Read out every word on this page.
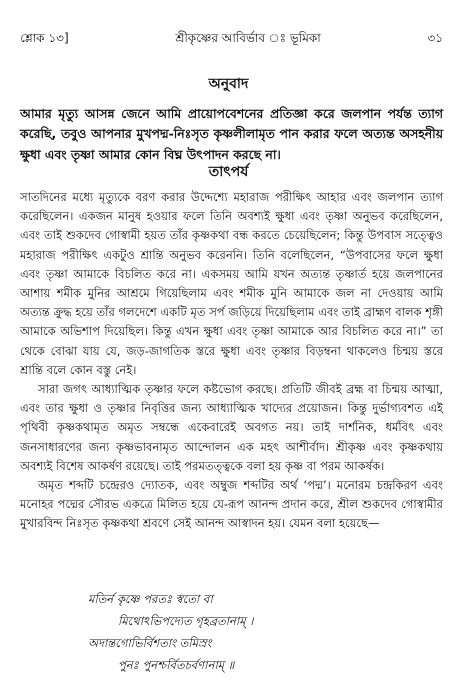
শ্লোক ১৩]	শ্রীকৃষ্ণের আবির্ভাব ঃ ভূমিকা	৩১
অনুবাদ
আমার মৃত্যু আসন্ন জেনে আমি প্রায়োপবেশনের প্রতিজ্ঞা করে জলপান পর্যন্ত ত্যাগ করেছি, তবুও আপনার মুখপদ্ম-নিঃসৃত কৃষ্ণলীলামৃত পান করার ফলে অত্যন্ত অসহনীয় ক্ষুধা এবং তৃষ্ণা আমার কোন বিঘ্ন উৎপাদন করছে না।
তাৎপর্য

সাতদিনের মধ্যে মৃত্যুকে বরণ করার উদ্দেশ্যে মহারাজ পরীক্ষিৎ আহার এবং জলপান ত্যাগ করেছিলেন। একজন মানুষ হওয়ার ফলে তিনি অবশ্যই ক্ষুধা এবং তৃষ্ণা অনুভব করেছিলেন, এবং তাই শুকদেব গোস্বামী হয়ত তাঁর কৃষ্ণকথা বন্ধ করতে চেয়েছিলেন; কিন্তু উপবাস সত্ত্বেও মহারাজ পরীক্ষিৎ একটুও শ্রান্তি অনুভব করেননি। তিনি বলেছিলেন, “উপবাসের ফলে ক্ষুধা এবং তৃষ্ণা আমাকে বিচলিত করে না। একসময় আমি যখন অত্যন্ত তৃষ্ণার্ত হয়ে জলপানের আশায় শমীক মুনির আশ্রমে গিয়েছিলাম এবং শমীক মুনি আমাকে জল না দেওয়ায় আমি অত্যন্ত ক্রুদ্ধ হয়ে তাঁর গলদেশে একটি মৃত সর্প জড়িয়ে দিয়েছিলাম এবং তাই ব্রাহ্মণ বালক শৃঙ্গী আমাকে অভিশাপ দিয়েছিল। কিন্তু এখন ক্ষুধা এবং তৃষ্ণা আমাকে আর বিচলিত করে না।” তা থেকে বোঝা যায় যে, জড়-জাগতিক স্তরে ক্ষুধা এবং তৃষ্ণার বিড়ম্বনা থাকলেও চিন্ময় স্তরে শ্রান্তি বলে কোন বস্তু নেই।

সারা জগৎ আধ্যাত্মিক তৃষ্ণার ফলে কষ্টভোগ করছে। প্রতিটি জীবই ব্রহ্ম বা চিন্ময় আত্মা, এবং তার ক্ষুধা ও তৃষ্ণার নিবৃত্তির জন্য আধ্যাত্মিক খাদ্যের প্রয়োজন। কিন্তু দুর্ভাগ্যবশত এই পৃথিবী কৃষ্ণকথামৃত অমৃত সম্বন্ধে একেবারেই অবগত নয়। তাই দার্শনিক, ধর্মবিৎ এবং জনসাধারণের জন্য কৃষ্ণভাবনামৃত আন্দোলন এক মহৎ আশীর্বাদ। শ্রীকৃষ্ণ এবং কৃষ্ণকথায় অবশ্যই বিশেষ আকর্ষণ রয়েছে। তাই পরমতত্ত্বকে বলা হয় কৃষ্ণ বা পরম আকর্ষক।

অমৃত শব্দটি চন্দ্রেরও দ্যোতক, এবং অম্বুজ শব্দটির অর্থ ‘পদ্ম’। মনোরম চন্দ্রকিরণ এবং মনোহর পদ্মের সৌরভ একত্রে মিলিত হয়ে যে-রূপ আনন্দ প্রদান করে, শ্রীল শুকদেব গোস্বামীর মুখারবিন্দ নিঃসৃত কৃষ্ণকথা শ্রবণে সেই আনন্দ আস্বাদন হয়। যেমন বলা হয়েছে—

মতির্ন কৃষ্ণে পরতঃ স্বতো বা
মিথোঽভিপদ্যেত গৃহব্রতানাম্ ।
অদান্তগোভির্বিশতাং তমিস্রং
পুনঃ পুনশ্চর্বিতচর্বণানাম্ ॥
